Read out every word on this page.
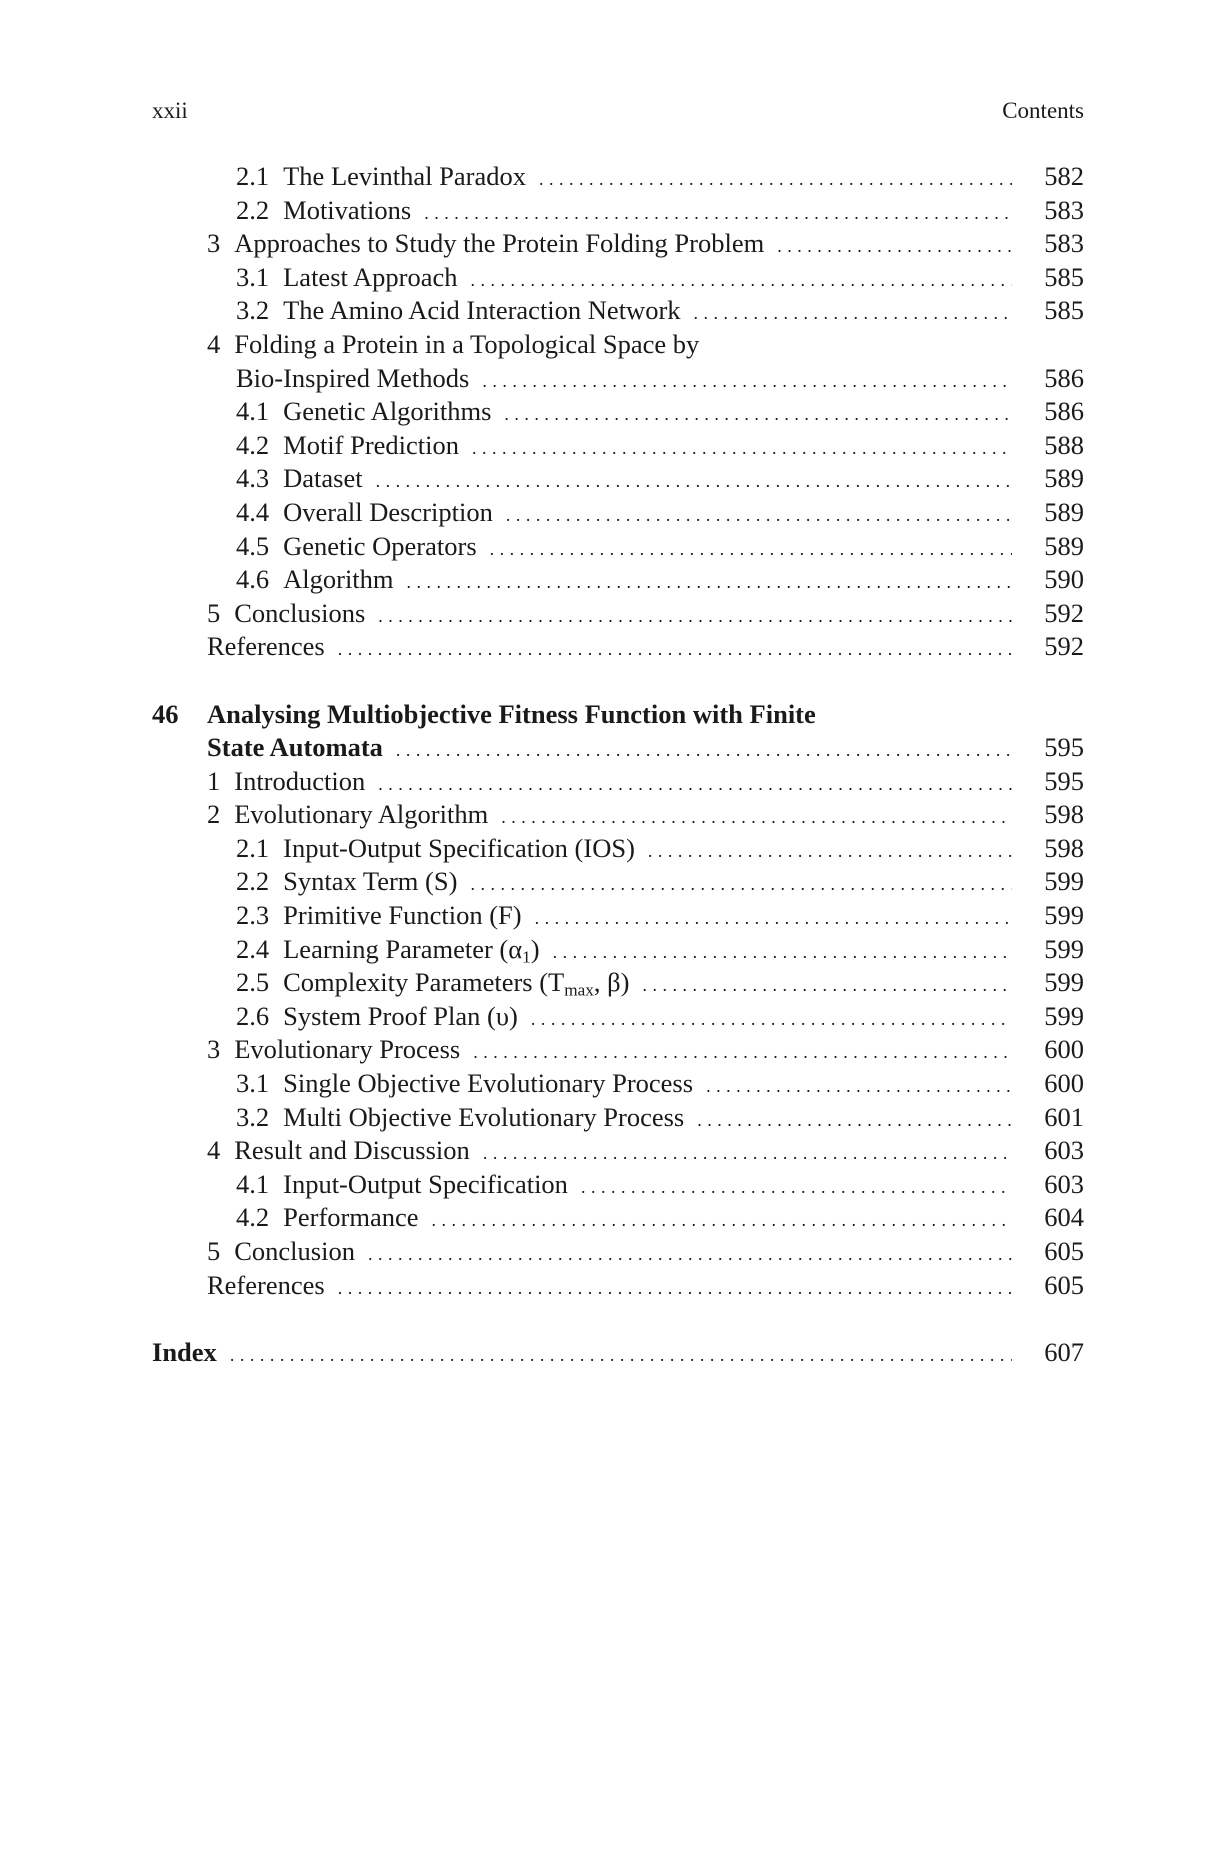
xxii	Contents
2.1 The Levinthal Paradox . . .	582
2.2 Motivations . . .	583
3 Approaches to Study the Protein Folding Problem . . .	583
3.1 Latest Approach . . .	585
3.2 The Amino Acid Interaction Network . . .	585
4 Folding a Protein in a Topological Space by
Bio-Inspired Methods . . .	586
4.1 Genetic Algorithms . . .	586
4.2 Motif Prediction . . .	588
4.3 Dataset . . .	589
4.4 Overall Description . . .	589
4.5 Genetic Operators . . .	589
4.6 Algorithm . . .	590
5 Conclusions . . .	592
References . . .	592
46 Analysing Multiobjective Fitness Function with Finite
State Automata . . .	595
1 Introduction . . .	595
2 Evolutionary Algorithm . . .	598
2.1 Input-Output Specification (IOS) . . .	598
2.2 Syntax Term (S) . . .	599
2.3 Primitive Function (F) . . .	599
2.4 Learning Parameter $(\alpha_1)$ . . .	599
2.5 Complexity Parameters ($T_{max}$, β) . . .	599
2.6 System Proof Plan (υ) . . .	599
3 Evolutionary Process . . .	600
3.1 Single Objective Evolutionary Process . . .	600
3.2 Multi Objective Evolutionary Process . . .	601
4 Result and Discussion . . .	603
4.1 Input-Output Specification . . .	603
4.2 Performance . . .	604
5 Conclusion . . .	605
References . . .	605
Index . . .	607
